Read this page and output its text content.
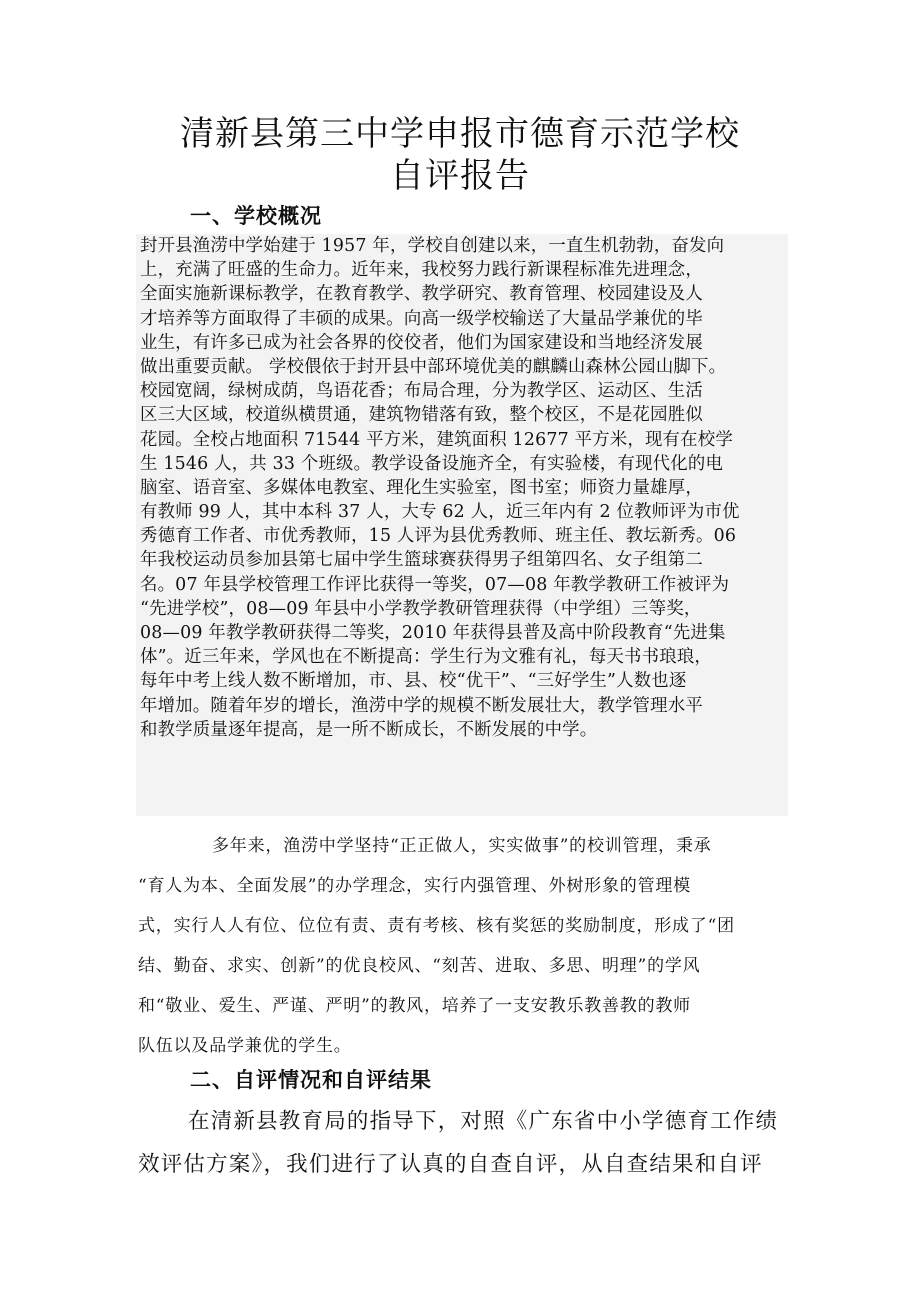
清新县第三中学申报市德育示范学校
自评报告
一、学校概况
封开县渔涝中学始建于 1957 年，学校自创建以来，一直生机勃勃，奋发向
上，充满了旺盛的生命力。近年来，我校努力践行新课程标准先进理念，
全面实施新课标教学，在教育教学、教学研究、教育管理、校园建设及人
才培养等方面取得了丰硕的成果。向高一级学校输送了大量品学兼优的毕
业生，有许多已成为社会各界的佼佼者，他们为国家建设和当地经济发展
做出重要贡献。 学校偎依于封开县中部环境优美的麒麟山森林公园山脚下。
校园宽阔，绿树成荫，鸟语花香；布局合理，分为教学区、运动区、生活
区三大区域，校道纵横贯通，建筑物错落有致，整个校区，不是花园胜似
花园。全校占地面积 71544 平方米，建筑面积 12677 平方米，现有在校学
生 1546 人，共 33 个班级。教学设备设施齐全，有实验楼，有现代化的电
脑室、语音室、多媒体电教室、理化生实验室，图书室；师资力量雄厚，
有教师 99 人，其中本科 37 人，大专 62 人，近三年内有 2 位教师评为市优
秀德育工作者、市优秀教师，15 人评为县优秀教师、班主任、教坛新秀。06
年我校运动员参加县第七届中学生篮球赛获得男子组第四名、女子组第二
名。07 年县学校管理工作评比获得一等奖，07—08 年教学教研工作被评为
“先进学校”，08—09 年县中小学教学教研管理获得（中学组）三等奖，
08—09 年教学教研获得二等奖，2010 年获得县普及高中阶段教育“先进集
体”。近三年来，学风也在不断提高：学生行为文雅有礼，每天书书琅琅，
每年中考上线人数不断增加，市、县、校“优干”、“三好学生”人数也逐
年增加。随着年岁的增长，渔涝中学的规模不断发展壮大，教学管理水平
和教学质量逐年提高，是一所不断成长，不断发展的中学。
多年来，渔涝中学坚持“正正做人，实实做事”的校训管理，秉承
“育人为本、全面发展”的办学理念，实行内强管理、外树形象的管理模
式，实行人人有位、位位有责、责有考核、核有奖惩的奖励制度，形成了“团
结、勤奋、求实、创新”的优良校风、“刻苦、进取、多思、明理”的学风
和“敬业、爱生、严谨、严明”的教风，培养了一支安教乐教善教的教师
队伍以及品学兼优的学生。
二、自评情况和自评结果
在清新县教育局的指导下，对照《广东省中小学德育工作绩
效评估方案》，我们进行了认真的自查自评，从自查结果和自评
